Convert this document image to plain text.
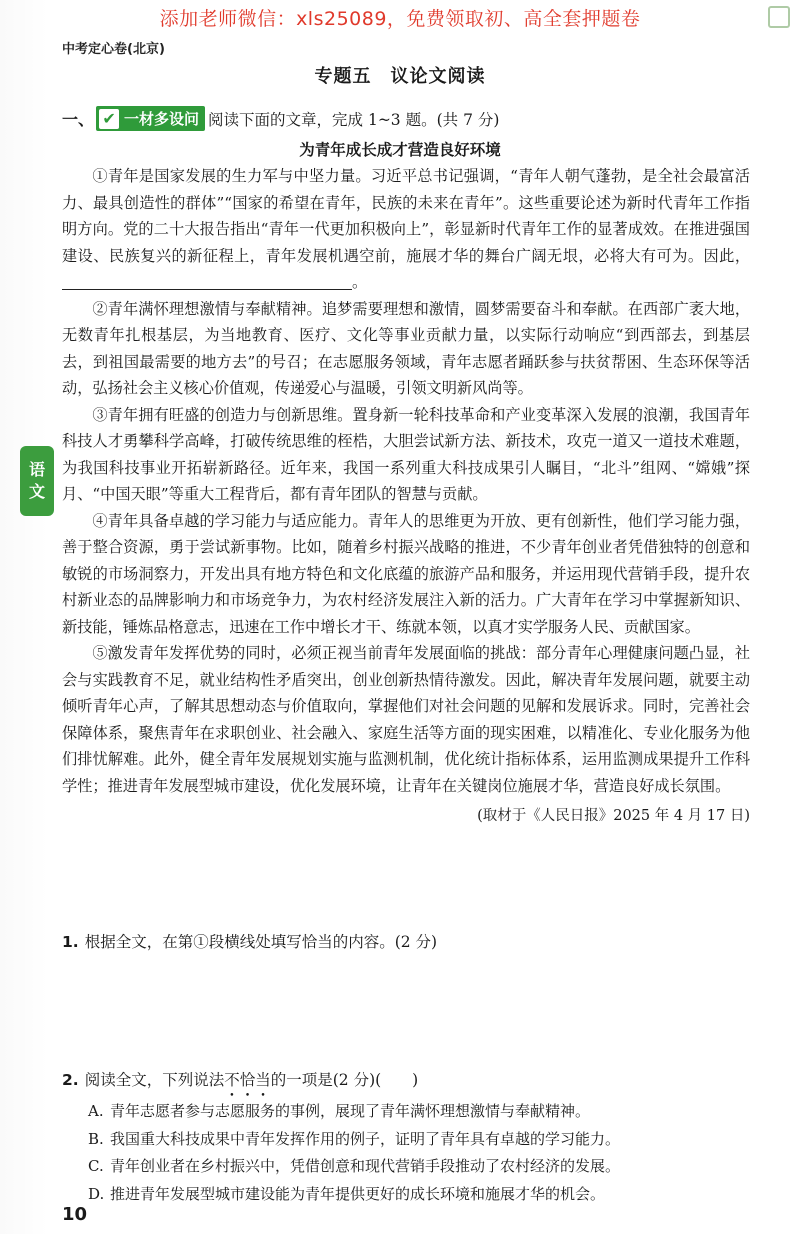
添加老师微信：xls25089，免费领取初、高全套押题卷
中考定心卷(北京)
专题五　议论文阅读
一、 ✔ 一材多设问 阅读下面的文章，完成 1~3 题。(共 7 分)
为青年成长成才营造良好环境

①青年是国家发展的生力军与中坚力量。习近平总书记强调，“青年人朝气蓬勃，是全社会最富活力、最具创造性的群体”“国家的希望在青年，民族的未来在青年”。这些重要论述为新时代青年工作指明方向。党的二十大报告指出“青年一代更加积极向上”，彰显新时代青年工作的显著成效。在推进强国建设、民族复兴的新征程上，青年发展机遇空前，施展才华的舞台广阔无垠，必将大有可为。因此，。

②青年满怀理想激情与奉献精神。追梦需要理想和激情，圆梦需要奋斗和奉献。在西部广袤大地，无数青年扎根基层，为当地教育、医疗、文化等事业贡献力量，以实际行动响应“到西部去，到基层去，到祖国最需要的地方去”的号召；在志愿服务领域，青年志愿者踊跃参与扶贫帮困、生态环保等活动，弘扬社会主义核心价值观，传递爱心与温暖，引领文明新风尚等。

③青年拥有旺盛的创造力与创新思维。置身新一轮科技革命和产业变革深入发展的浪潮，我国青年科技人才勇攀科学高峰，打破传统思维的桎梏，大胆尝试新方法、新技术，攻克一道又一道技术难题，为我国科技事业开拓崭新路径。近年来，我国一系列重大科技成果引人瞩目，“北斗”组网、“嫦娥”探月、“中国天眼”等重大工程背后，都有青年团队的智慧与贡献。

④青年具备卓越的学习能力与适应能力。青年人的思维更为开放、更有创新性，他们学习能力强，善于整合资源，勇于尝试新事物。比如，随着乡村振兴战略的推进，不少青年创业者凭借独特的创意和敏锐的市场洞察力，开发出具有地方特色和文化底蕴的旅游产品和服务，并运用现代营销手段，提升农村新业态的品牌影响力和市场竞争力，为农村经济发展注入新的活力。广大青年在学习中掌握新知识、新技能，锤炼品格意志，迅速在工作中增长才干、练就本领，以真才实学服务人民、贡献国家。

⑤激发青年发挥优势的同时，必须正视当前青年发展面临的挑战：部分青年心理健康问题凸显，社会与实践教育不足，就业结构性矛盾突出，创业创新热情待激发。因此，解决青年发展问题，就要主动倾听青年心声，了解其思想动态与价值取向，掌握他们对社会问题的见解和发展诉求。同时，完善社会保障体系，聚焦青年在求职创业、社会融入、家庭生活等方面的现实困难，以精准化、专业化服务为他们排忧解难。此外，健全青年发展规划实施与监测机制，优化统计指标体系，运用监测成果提升工作科学性；推进青年发展型城市建设，优化发展环境，让青年在关键岗位施展才华，营造良好成长氛围。

(取材于《人民日报》2025 年 4 月 17 日)
语
文
1. 根据全文，在第①段横线处填写恰当的内容。(2 分)
2. 阅读全文，下列说法不恰当的一项是(2 分)(　　)
A. 青年志愿者参与志愿服务的事例，展现了青年满怀理想激情与奉献精神。
B. 我国重大科技成果中青年发挥作用的例子，证明了青年具有卓越的学习能力。
C. 青年创业者在乡村振兴中，凭借创意和现代营销手段推动了农村经济的发展。
D. 推进青年发展型城市建设能为青年提供更好的成长环境和施展才华的机会。
10
